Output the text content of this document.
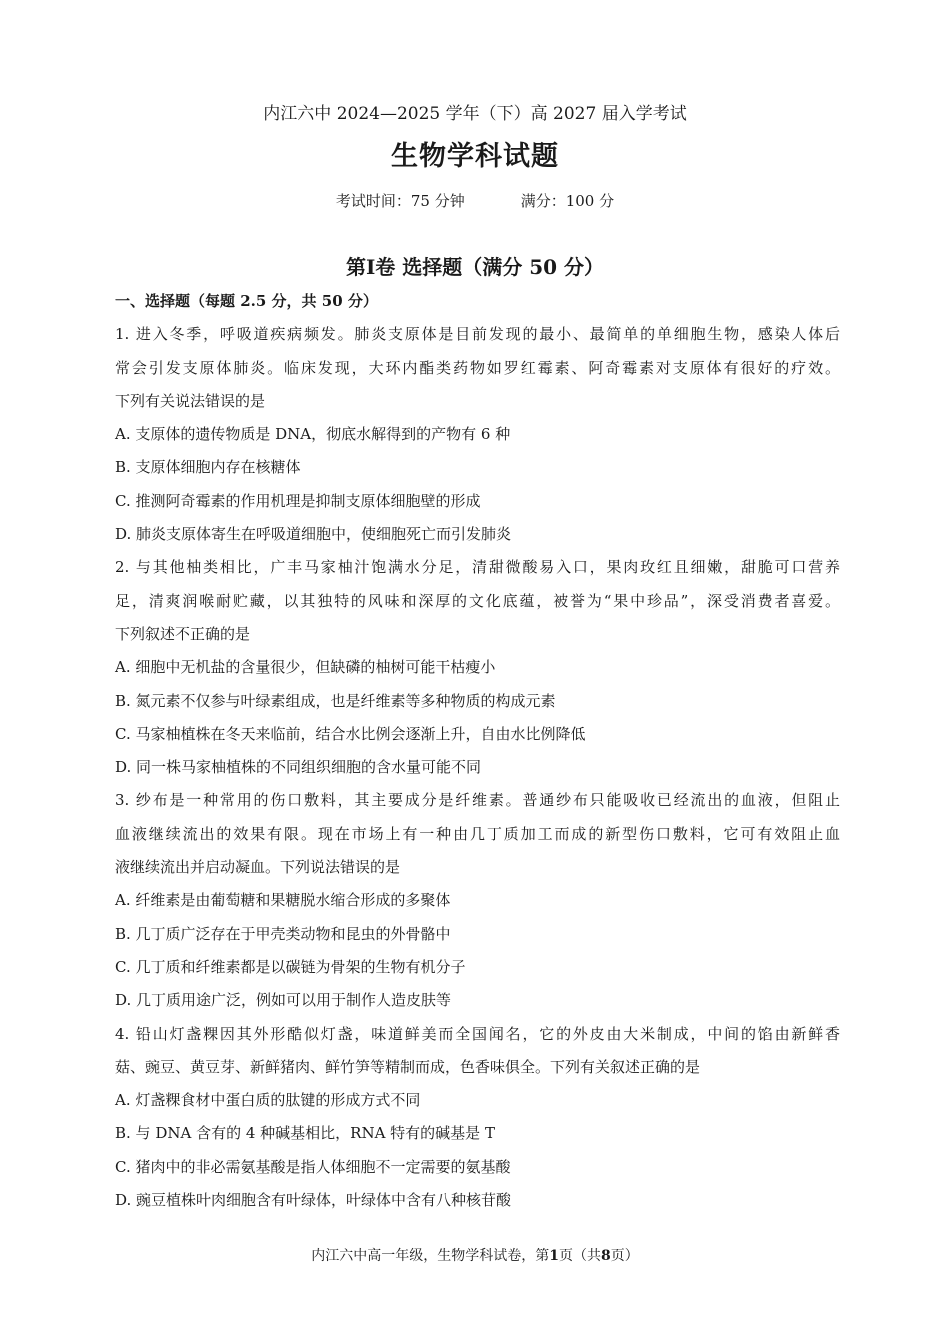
内江六中 2024—2025 学年（下）高 2027 届入学考试
生物学科试题
考试时间：75 分钟	满分：100 分
第Ⅰ卷 选择题（满分 50 分）
一、选择题（每题 2.5 分，共 50 分）
1. 进入冬季，呼吸道疾病频发。肺炎支原体是目前发现的最小、最简单的单细胞生物，感染人体后
常会引发支原体肺炎。临床发现，大环内酯类药物如罗红霉素、阿奇霉素对支原体有很好的疗效。
下列有关说法错误的是
A. 支原体的遗传物质是 DNA，彻底水解得到的产物有 6 种
B. 支原体细胞内存在核糖体
C. 推测阿奇霉素的作用机理是抑制支原体细胞壁的形成
D. 肺炎支原体寄生在呼吸道细胞中，使细胞死亡而引发肺炎
2. 与其他柚类相比，广丰马家柚汁饱满水分足，清甜微酸易入口，果肉玫红且细嫩，甜脆可口营养
足，清爽润喉耐贮藏，以其独特的风味和深厚的文化底蕴，被誉为“果中珍品”，深受消费者喜爱。
下列叙述不正确的是
A. 细胞中无机盐的含量很少，但缺磷的柚树可能干枯瘦小
B. 氮元素不仅参与叶绿素组成，也是纤维素等多种物质的构成元素
C. 马家柚植株在冬天来临前，结合水比例会逐渐上升，自由水比例降低
D. 同一株马家柚植株的不同组织细胞的含水量可能不同
3. 纱布是一种常用的伤口敷料，其主要成分是纤维素。普通纱布只能吸收已经流出的血液，但阻止
血液继续流出的效果有限。现在市场上有一种由几丁质加工而成的新型伤口敷料，它可有效阻止血
液继续流出并启动凝血。下列说法错误的是
A. 纤维素是由葡萄糖和果糖脱水缩合形成的多聚体
B. 几丁质广泛存在于甲壳类动物和昆虫的外骨骼中
C. 几丁质和纤维素都是以碳链为骨架的生物有机分子
D. 几丁质用途广泛，例如可以用于制作人造皮肤等
4. 铅山灯盏粿因其外形酷似灯盏，味道鲜美而全国闻名，它的外皮由大米制成，中间的馅由新鲜香
菇、豌豆、黄豆芽、新鲜猪肉、鲜竹笋等精制而成，色香味俱全。下列有关叙述正确的是
A. 灯盏粿食材中蛋白质的肽键的形成方式不同
B. 与 DNA 含有的 4 种碱基相比，RNA 特有的碱基是 T
C. 猪肉中的非必需氨基酸是指人体细胞不一定需要的氨基酸
D. 豌豆植株叶肉细胞含有叶绿体，叶绿体中含有八种核苷酸
内江六中高一年级，生物学科试卷，第1页（共8页）
